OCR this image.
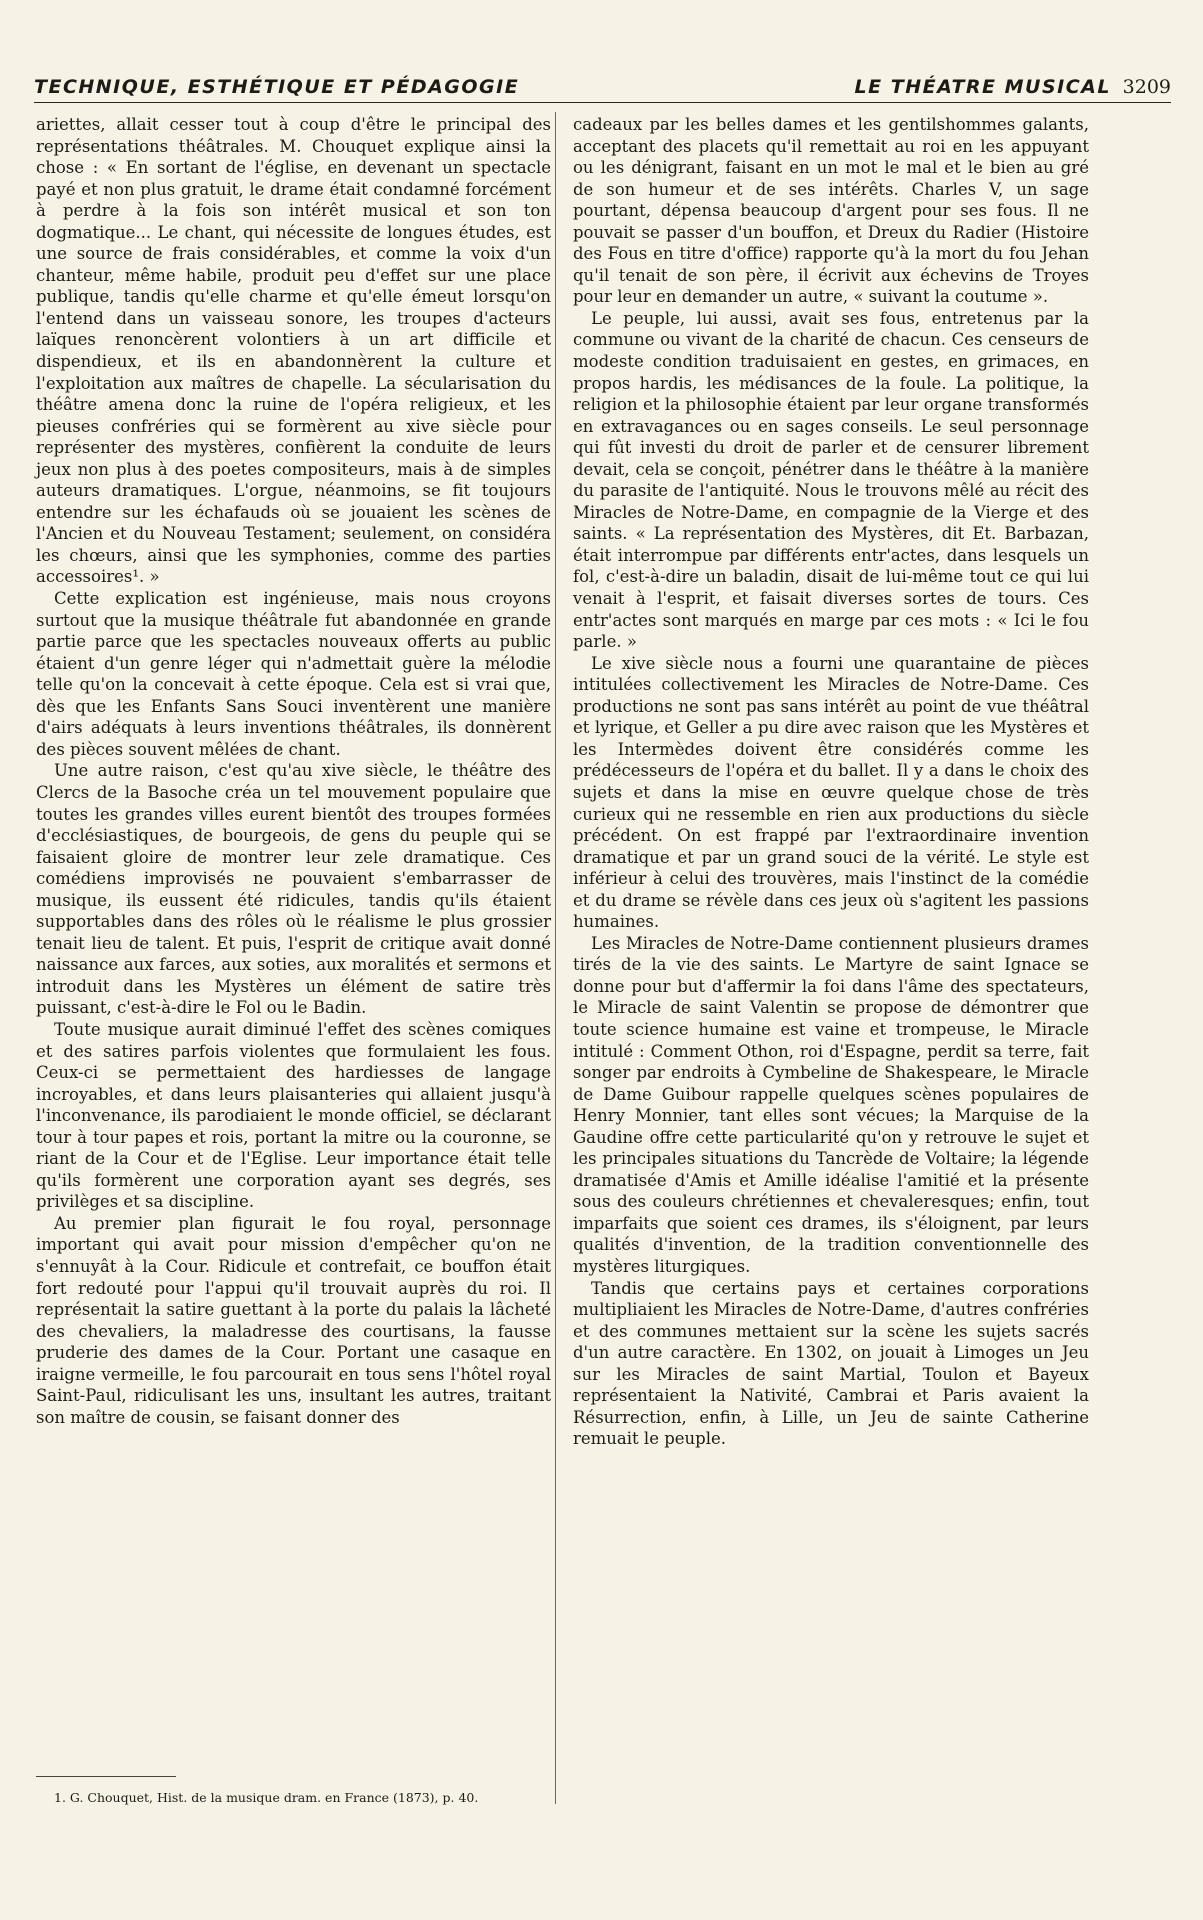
TECHNIQUE, ESTHÉTIQUE ET PÉDAGOGIE	LE THÉATRE MUSICAL 3209

ariettes, allait cesser tout à coup d'être le principal des représentations théâtrales. M. Chouquet explique ainsi la chose : « En sortant de l'église, en devenant un spectacle payé et non plus gratuit, le drame était condamné forcément à perdre à la fois son intérêt musical et son ton dogmatique... Le chant, qui nécessite de longues études, est une source de frais considérables, et comme la voix d'un chanteur, même habile, produit peu d'effet sur une place publique, tandis qu'elle charme et qu'elle émeut lorsqu'on l'entend dans un vaisseau sonore, les troupes d'acteurs laïques renoncèrent volontiers à un art difficile et dispendieux, et ils en abandonnèrent la culture et l'exploitation aux maîtres de chapelle. La sécularisation du théâtre amena donc la ruine de l'opéra religieux, et les pieuses confréries qui se formèrent au xive siècle pour représenter des mystères, confièrent la conduite de leurs jeux non plus à des poetes compositeurs, mais à de simples auteurs dramatiques. L'orgue, néanmoins, se fit toujours entendre sur les échafauds où se jouaient les scènes de l'Ancien et du Nouveau Testament; seulement, on considéra les chœurs, ainsi que les symphonies, comme des parties accessoires¹. »

Cette explication est ingénieuse, mais nous croyons surtout que la musique théâtrale fut abandonnée en grande partie parce que les spectacles nouveaux offerts au public étaient d'un genre léger qui n'admettait guère la mélodie telle qu'on la concevait à cette époque. Cela est si vrai que, dès que les Enfants Sans Souci inventèrent une manière d'airs adéquats à leurs inventions théâtrales, ils donnèrent des pièces souvent mêlées de chant.

Une autre raison, c'est qu'au xive siècle, le théâtre des Clercs de la Basoche créa un tel mouvement populaire que toutes les grandes villes eurent bientôt des troupes formées d'ecclésiastiques, de bourgeois, de gens du peuple qui se faisaient gloire de montrer leur zele dramatique. Ces comédiens improvisés ne pouvaient s'embarrasser de musique, ils eussent été ridicules, tandis qu'ils étaient supportables dans des rôles où le réalisme le plus grossier tenait lieu de talent. Et puis, l'esprit de critique avait donné naissance aux farces, aux soties, aux moralités et sermons et introduit dans les Mystères un élément de satire très puissant, c'est-à-dire le Fol ou le Badin.

Toute musique aurait diminué l'effet des scènes comiques et des satires parfois violentes que formulaient les fous. Ceux-ci se permettaient des hardiesses de langage incroyables, et dans leurs plaisanteries qui allaient jusqu'à l'inconvenance, ils parodiaient le monde officiel, se déclarant tour à tour papes et rois, portant la mitre ou la couronne, se riant de la Cour et de l'Eglise. Leur importance était telle qu'ils formèrent une corporation ayant ses degrés, ses privilèges et sa discipline.

Au premier plan figurait le fou royal, personnage important qui avait pour mission d'empêcher qu'on ne s'ennuyât à la Cour. Ridicule et contrefait, ce bouffon était fort redouté pour l'appui qu'il trouvait auprès du roi. Il représentait la satire guettant à la porte du palais la lâcheté des chevaliers, la maladresse des courtisans, la fausse pruderie des dames de la Cour. Portant une casaque en iraigne vermeille, le fou parcourait en tous sens l'hôtel royal Saint-Paul, ridiculisant les uns, insultant les autres, traitant son maître de cousin, se faisant donner des

cadeaux par les belles dames et les gentilshommes galants, acceptant des placets qu'il remettait au roi en les appuyant ou les dénigrant, faisant en un mot le mal et le bien au gré de son humeur et de ses intérêts. Charles V, un sage pourtant, dépensa beaucoup d'argent pour ses fous. Il ne pouvait se passer d'un bouffon, et Dreux du Radier (Histoire des Fous en titre d'office) rapporte qu'à la mort du fou Jehan qu'il tenait de son père, il écrivit aux échevins de Troyes pour leur en demander un autre, « suivant la coutume ».

Le peuple, lui aussi, avait ses fous, entretenus par la commune ou vivant de la charité de chacun. Ces censeurs de modeste condition traduisaient en gestes, en grimaces, en propos hardis, les médisances de la foule. La politique, la religion et la philosophie étaient par leur organe transformés en extravagances ou en sages conseils. Le seul personnage qui fût investi du droit de parler et de censurer librement devait, cela se conçoit, pénétrer dans le théâtre à la manière du parasite de l'antiquité. Nous le trouvons mêlé au récit des Miracles de Notre-Dame, en compagnie de la Vierge et des saints. « La représentation des Mystères, dit Et. Barbazan, était interrompue par différents entr'actes, dans lesquels un fol, c'est-à-dire un baladin, disait de lui-même tout ce qui lui venait à l'esprit, et faisait diverses sortes de tours. Ces entr'actes sont marqués en marge par ces mots : « Ici le fou parle. »

Le xive siècle nous a fourni une quarantaine de pièces intitulées collectivement les Miracles de Notre-Dame. Ces productions ne sont pas sans intérêt au point de vue théâtral et lyrique, et Geller a pu dire avec raison que les Mystères et les Intermèdes doivent être considérés comme les prédécesseurs de l'opéra et du ballet. Il y a dans le choix des sujets et dans la mise en œuvre quelque chose de très curieux qui ne ressemble en rien aux productions du siècle précédent. On est frappé par l'extraordinaire invention dramatique et par un grand souci de la vérité. Le style est inférieur à celui des trouvères, mais l'instinct de la comédie et du drame se révèle dans ces jeux où s'agitent les passions humaines.

Les Miracles de Notre-Dame contiennent plusieurs drames tirés de la vie des saints. Le Martyre de saint Ignace se donne pour but d'affermir la foi dans l'âme des spectateurs, le Miracle de saint Valentin se propose de démontrer que toute science humaine est vaine et trompeuse, le Miracle intitulé : Comment Othon, roi d'Espagne, perdit sa terre, fait songer par endroits à Cymbeline de Shakespeare, le Miracle de Dame Guibour rappelle quelques scènes populaires de Henry Monnier, tant elles sont vécues; la Marquise de la Gaudine offre cette particularité qu'on y retrouve le sujet et les principales situations du Tancrède de Voltaire; la légende dramatisée d'Amis et Amille idéalise l'amitié et la présente sous des couleurs chrétiennes et chevaleresques; enfin, tout imparfaits que soient ces drames, ils s'éloignent, par leurs qualités d'invention, de la tradition conventionnelle des mystères liturgiques.

Tandis que certains pays et certaines corporations multipliaient les Miracles de Notre-Dame, d'autres confréries et des communes mettaient sur la scène les sujets sacrés d'un autre caractère. En 1302, on jouait à Limoges un Jeu sur les Miracles de saint Martial, Toulon et Bayeux représentaient la Nativité, Cambrai et Paris avaient la Résurrection, enfin, à Lille, un Jeu de sainte Catherine remuait le peuple.

1. G. Chouquet, Hist. de la musique dram. en France (1873), p. 40.
